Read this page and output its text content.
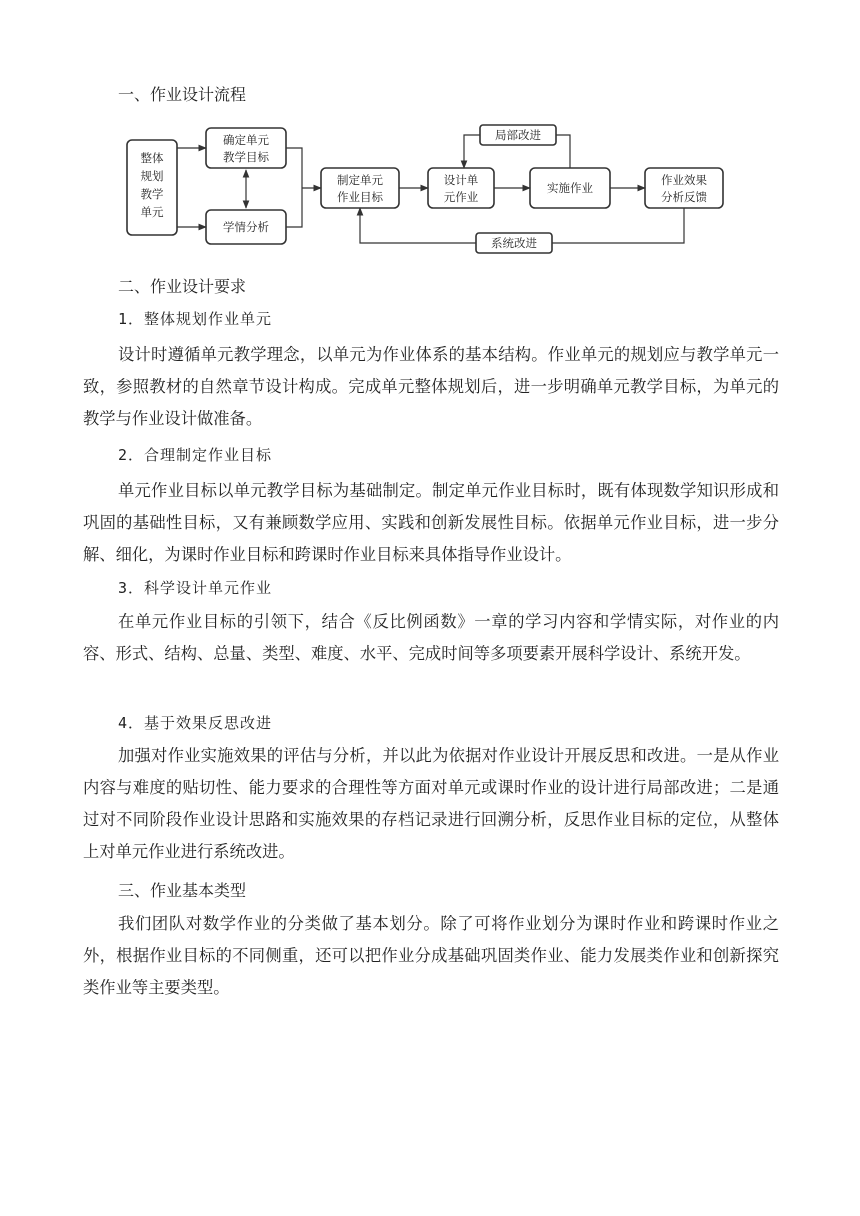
一、作业设计流程
整体
规划
教学
单元
确定单元
教学目标
学情分析
制定单元
作业目标
设计单
元作业
实施作业
作业效果
分析反馈
局部改进
系统改进
二、作业设计要求
1．整体规划作业单元
设计时遵循单元教学理念，以单元为作业体系的基本结构。作业单元的规划应与教学单元一致，参照教材的自然章节设计构成。完成单元整体规划后，进一步明确单元教学目标，为单元的教学与作业设计做准备。
2．合理制定作业目标
单元作业目标以单元教学目标为基础制定。制定单元作业目标时，既有体现数学知识形成和巩固的基础性目标，又有兼顾数学应用、实践和创新发展性目标。依据单元作业目标，进一步分解、细化，为课时作业目标和跨课时作业目标来具体指导作业设计。
3．科学设计单元作业
在单元作业目标的引领下，结合《反比例函数》一章的学习内容和学情实际，对作业的内容、形式、结构、总量、类型、难度、水平、完成时间等多项要素开展科学设计、系统开发。
4．基于效果反思改进
加强对作业实施效果的评估与分析，并以此为依据对作业设计开展反思和改进。一是从作业内容与难度的贴切性、能力要求的合理性等方面对单元或课时作业的设计进行局部改进；二是通过对不同阶段作业设计思路和实施效果的存档记录进行回溯分析，反思作业目标的定位，从整体上对单元作业进行系统改进。
三、作业基本类型
我们团队对数学作业的分类做了基本划分。除了可将作业划分为课时作业和跨课时作业之外，根据作业目标的不同侧重，还可以把作业分成基础巩固类作业、能力发展类作业和创新探究类作业等主要类型。
